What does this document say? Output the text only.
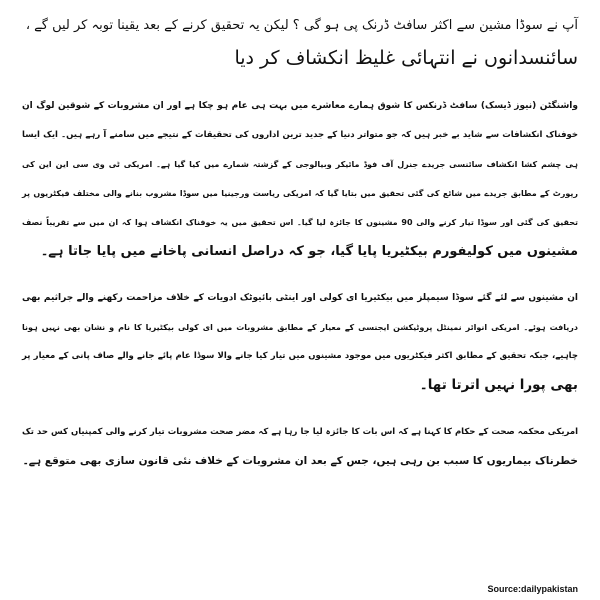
آپ نے سوڈا مشین سے اکثر سافٹ ڈرنک پی ہو گی ؟ لیکن یہ تحقیق کرنے کے بعد یقینا توبہ کر لیں گے ،
سائنسدانوں نے انتہائی غلیظ انکشاف کر دیا
واشنگٹن (نیوز ڈیسک) سافٹ ڈرنکس کا شوق ہمارے معاشرے میں بہت ہی عام ہو چکا ہے اور ان مشروبات کے شوقین لوگ ان
خوفناک انکشافات سے شاید بے خبر ہیں کہ جو متواتر دنیا کے جدید ترین اداروں کی تحقیقات کے نتیجے میں سامنے آ رہے ہیں۔ ایک ایسا
ہی چشم کشا انکشاف سائنسی جریدے جنرل آف فوڈ مائیکر وبیالوجی کے گزشتہ شمارے میں کیا گیا ہے۔ امریکی ٹی وی سی این این کی
رپورٹ کے مطابق جریدے میں شائع کی گئی تحقیق میں بتایا گیا کہ امریکی ریاست ورجینیا میں سوڈا مشروب بنانے والی مختلف فیکٹریوں پر
تحقیق کی گئی اور سوڈا تیار کرنے والی 90 مشینوں کا جائزہ لیا گیا۔ اس تحقیق میں یہ خوفناک انکشاف ہوا کہ ان میں سے تقریباً نصف
مشینوں میں کولیفورم بیکٹیریا پایا گیا، جو کہ دراصل انسانی پاخانے میں پایا جاتا ہے۔
ان مشینوں سے لئے گئے سوڈا سیمپلز میں بیکٹیریا ای کولی اور اینٹی بائیوٹک ادویات کے خلاف مزاحمت رکھنے والے جراثیم بھی
دریافت ہوئے۔ امریکی انوائر نمینٹل پروٹیکشن ایجنسی کے معیار کے مطابق مشروبات میں ای کولی بیکٹیریا کا نام و نشان بھی نہیں ہونا
چاہیے، جبکہ تحقیق کے مطابق اکثر فیکٹریوں میں موجود مشینوں میں تیار کیا جانے والا سوڈا عام پائے جانے والے صاف پانی کے معیار پر
بھی پورا نہیں اترتا تھا۔
امریکی محکمہ صحت کے حکام کا کہنا ہے کہ اس بات کا جائزہ لیا جا رہا ہے کہ مضر صحت مشروبات تیار کرنے والی کمپنیاں کس حد تک
خطرناک بیماریوں کا سبب بن رہی ہیں، جس کے بعد ان مشروبات کے خلاف نئی قانون سازی بھی متوقع ہے۔
Source:dailypakistan
